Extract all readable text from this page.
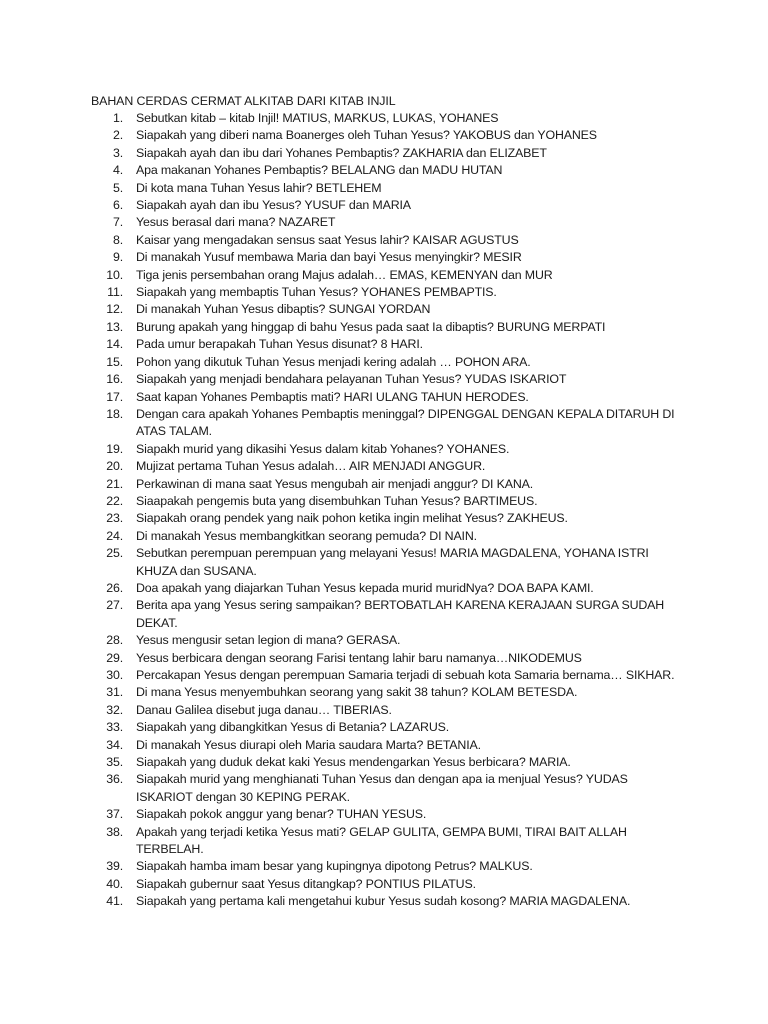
BAHAN CERDAS CERMAT ALKITAB DARI KITAB INJIL
1. Sebutkan kitab – kitab Injil! MATIUS, MARKUS, LUKAS, YOHANES
2. Siapakah yang diberi nama Boanerges oleh Tuhan Yesus? YAKOBUS dan YOHANES
3. Siapakah ayah dan ibu dari Yohanes Pembaptis? ZAKHARIA dan ELIZABET
4. Apa makanan Yohanes Pembaptis? BELALANG dan MADU HUTAN
5. Di kota mana Tuhan Yesus lahir? BETLEHEM
6. Siapakah ayah dan ibu Yesus? YUSUF dan MARIA
7. Yesus berasal dari mana? NAZARET
8. Kaisar yang mengadakan sensus saat Yesus lahir? KAISAR AGUSTUS
9. Di manakah Yusuf membawa Maria dan bayi Yesus menyingkir? MESIR
10. Tiga jenis persembahan orang Majus adalah… EMAS, KEMENYAN dan MUR
11. Siapakah yang membaptis Tuhan Yesus? YOHANES PEMBAPTIS.
12. Di manakah Yuhan Yesus dibaptis? SUNGAI YORDAN
13. Burung apakah yang hinggap di bahu Yesus pada saat Ia dibaptis? BURUNG MERPATI
14. Pada umur berapakah Tuhan Yesus disunat? 8 HARI.
15. Pohon yang dikutuk Tuhan Yesus menjadi kering adalah … POHON ARA.
16. Siapakah yang menjadi bendahara pelayanan Tuhan Yesus? YUDAS ISKARIOT
17. Saat kapan Yohanes Pembaptis mati? HARI ULANG TAHUN HERODES.
18. Dengan cara apakah Yohanes Pembaptis meninggal? DIPENGGAL DENGAN KEPALA DITARUH DI ATAS TALAM.
19. Siapakh murid yang dikasihi Yesus dalam kitab Yohanes? YOHANES.
20. Mujizat pertama Tuhan Yesus adalah… AIR MENJADI ANGGUR.
21. Perkawinan di mana saat Yesus mengubah air menjadi anggur? DI KANA.
22. Siaapakah pengemis buta yang disembuhkan Tuhan Yesus? BARTIMEUS.
23. Siapakah orang pendek yang naik pohon ketika ingin melihat Yesus? ZAKHEUS.
24. Di manakah Yesus membangkitkan seorang pemuda? DI NAIN.
25. Sebutkan perempuan perempuan yang melayani Yesus! MARIA MAGDALENA, YOHANA ISTRI KHUZA dan SUSANA.
26. Doa apakah yang diajarkan Tuhan Yesus kepada murid muridNya? DOA BAPA KAMI.
27. Berita apa yang Yesus sering sampaikan? BERTOBATLAH KARENA KERAJAAN SURGA SUDAH DEKAT.
28. Yesus mengusir setan legion di mana? GERASA.
29. Yesus berbicara dengan seorang Farisi tentang lahir baru namanya…NIKODEMUS
30. Percakapan Yesus dengan perempuan Samaria terjadi di sebuah kota Samaria bernama… SIKHAR.
31. Di mana Yesus menyembuhkan seorang yang sakit 38 tahun? KOLAM BETESDA.
32. Danau Galilea disebut juga danau… TIBERIAS.
33. Siapakah yang dibangkitkan Yesus di Betania? LAZARUS.
34. Di manakah Yesus diurapi oleh Maria saudara Marta? BETANIA.
35. Siapakah yang duduk dekat kaki Yesus mendengarkan Yesus berbicara? MARIA.
36. Siapakah murid yang menghianati Tuhan Yesus dan dengan apa ia menjual Yesus? YUDAS ISKARIOT dengan 30 KEPING PERAK.
37. Siapakah pokok anggur yang benar? TUHAN YESUS.
38. Apakah yang terjadi ketika Yesus mati? GELAP GULITA, GEMPA BUMI, TIRAI BAIT ALLAH TERBELAH.
39. Siapakah hamba imam besar yang kupingnya dipotong Petrus? MALKUS.
40. Siapakah gubernur saat Yesus ditangkap? PONTIUS PILATUS.
41. Siapakah yang pertama kali mengetahui kubur Yesus sudah kosong? MARIA MAGDALENA.
